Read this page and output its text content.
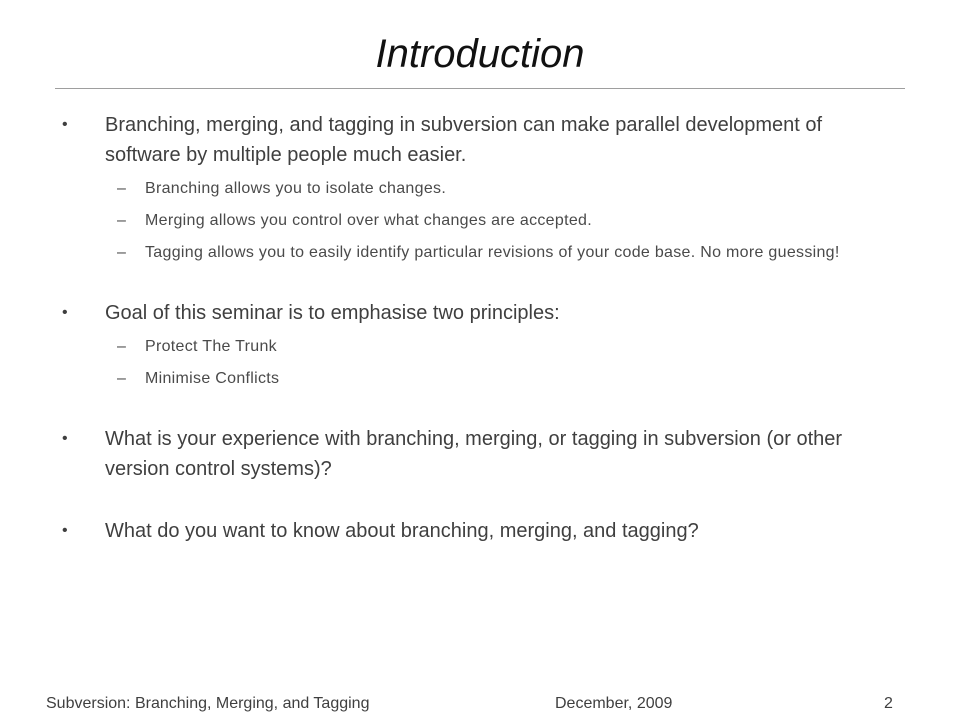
Introduction
• Branching, merging, and tagging in subversion can make parallel development of software by multiple people much easier.
– Branching allows you to isolate changes.
– Merging allows you control over what changes are accepted.
– Tagging allows you to easily identify particular revisions of your code base. No more guessing!
• Goal of this seminar is to emphasise two principles:
– Protect The Trunk
– Minimise Conflicts
• What is your experience with branching, merging, or tagging in subversion (or other version control systems)?
• What do you want to know about branching, merging, and tagging?
Subversion: Branching, Merging, and Tagging	December, 2009	2
